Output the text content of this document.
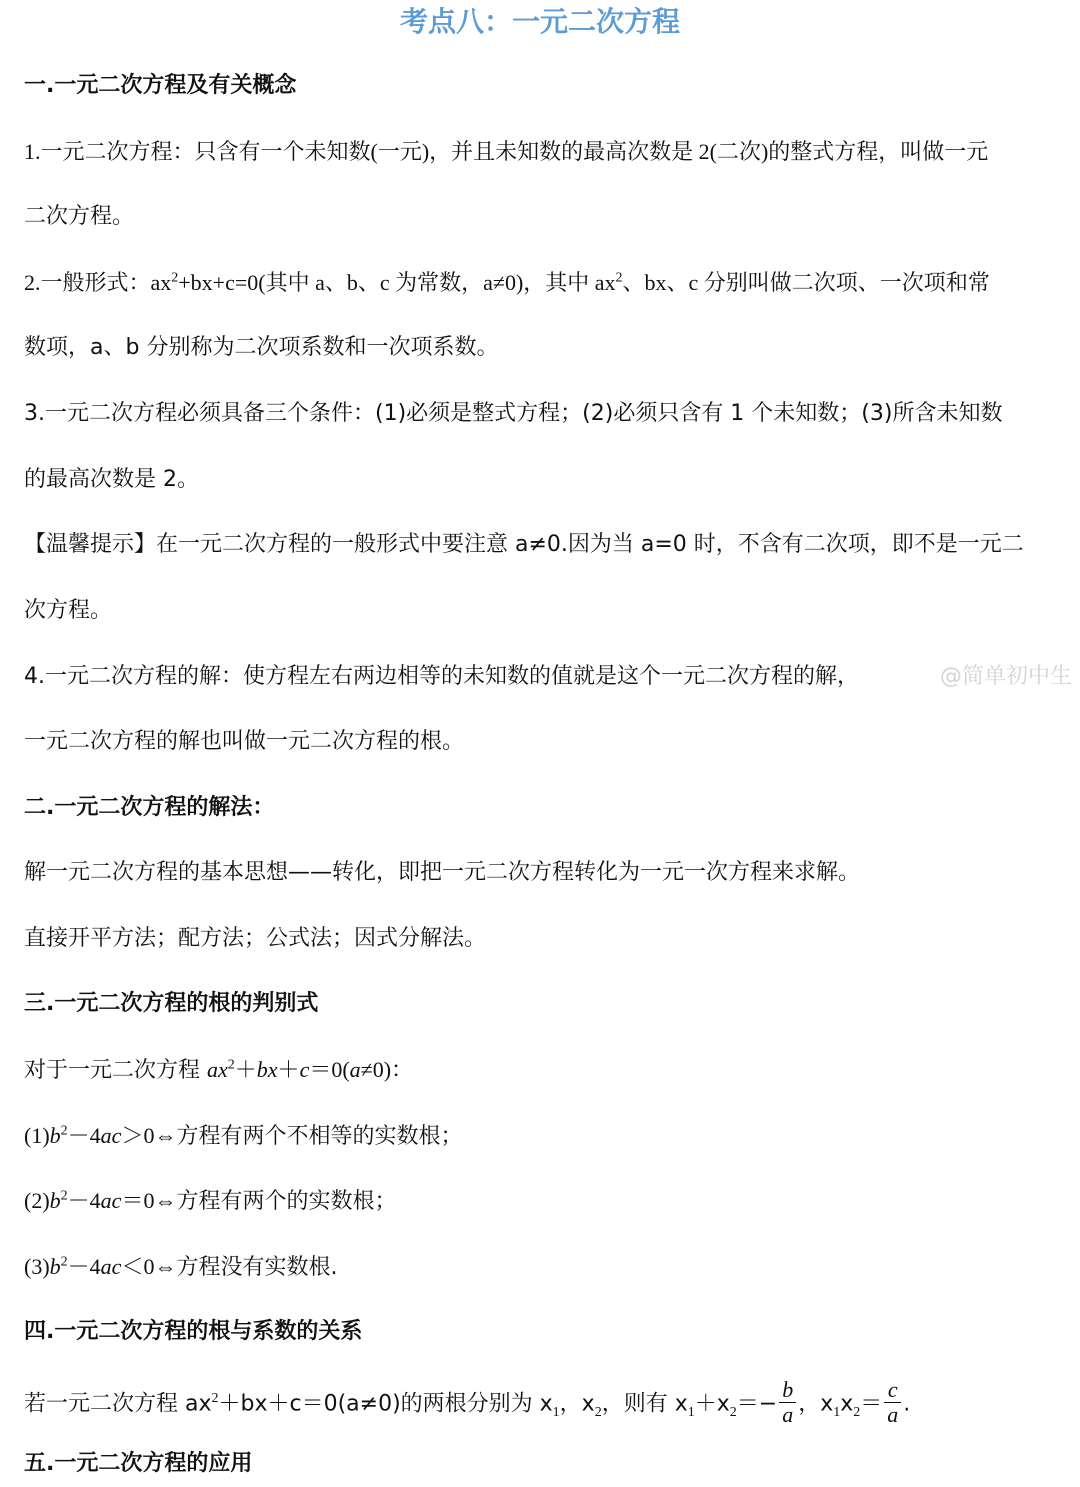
考点八：一元二次方程
一.一元二次方程及有关概念
1.一元二次方程：只含有一个未知数(一元)，并且未知数的最高次数是 2(二次)的整式方程，叫做一元
二次方程。
2.一般形式：$ax^2+bx+c=0$(其中 a、b、c 为常数，a≠0)，其中 $ax^2$、bx、c 分别叫做二次项、一次项和常
数项，a、b 分别称为二次项系数和一次项系数。
3.一元二次方程必须具备三个条件：(1)必须是整式方程；(2)必须只含有 1 个未知数；(3)所含未知数
的最高次数是 2。
【温馨提示】在一元二次方程的一般形式中要注意 a≠0.因为当 a=0 时，不含有二次项，即不是一元二
次方程。
4.一元二次方程的解：使方程左右两边相等的未知数的值就是这个一元二次方程的解，	@简单初中生
一元二次方程的解也叫做一元二次方程的根。
二.一元二次方程的解法：
解一元二次方程的基本思想——转化，即把一元二次方程转化为一元一次方程来求解。
直接开平方法；配方法；公式法；因式分解法。
三.一元二次方程的根的判别式
对于一元二次方程 $ax^2+bx+c=0(a\ne 0)$：
$(1)b^2-4ac>0\Leftrightarrow$方程有两个不相等的实数根；
$(2)b^2-4ac=0\Leftrightarrow$方程有两个的实数根；
$(3)b^2-4ac<0\Leftrightarrow$方程没有实数根.
四.一元二次方程的根与系数的关系
若一元二次方程 $ax^2+bx+c=0(a\ne 0)$的两根分别为 $x_1$，$x_2$，则有 $x_1+x_2=- \frac{b}{a}$ ，$x_1x_2= \frac{c}{a}$ .
五.一元二次方程的应用
